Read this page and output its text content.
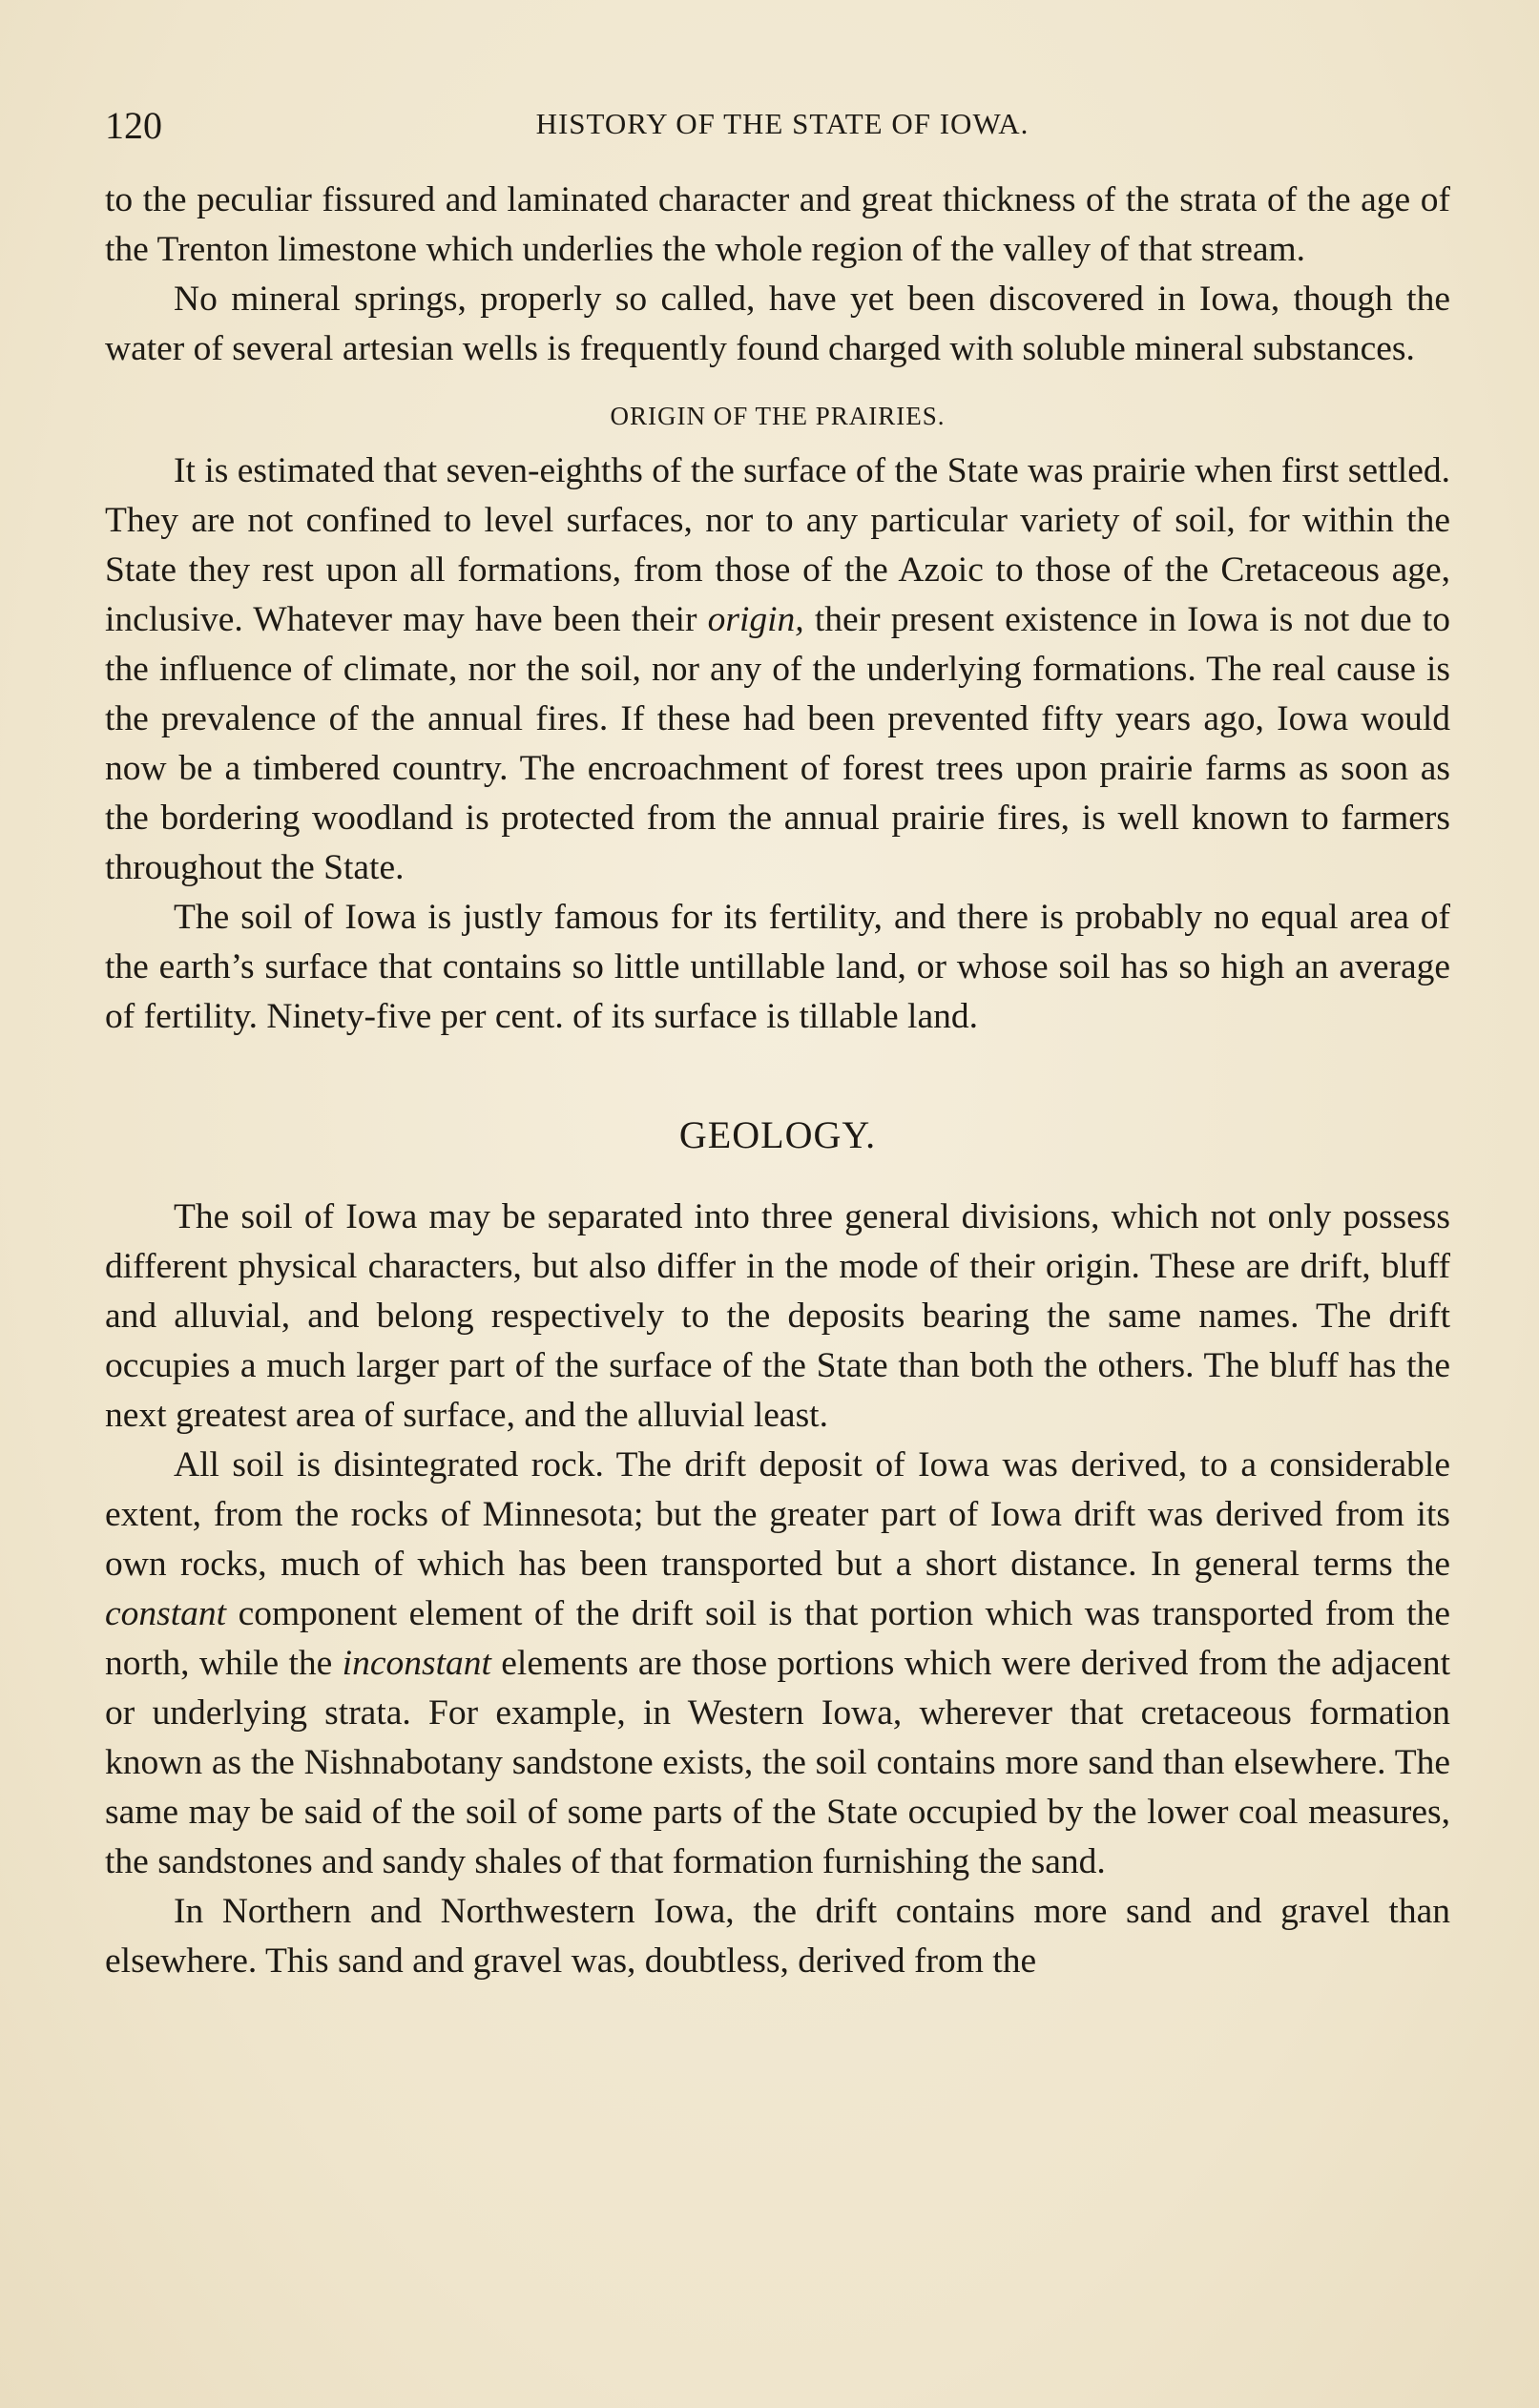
120	HISTORY OF THE STATE OF IOWA.

to the peculiar fissured and laminated character and great thickness of the strata of the age of the Trenton limestone which underlies the whole region of the valley of that stream.

No mineral springs, properly so called, have yet been discovered in Iowa, though the water of several artesian wells is frequently found charged with soluble mineral substances.

ORIGIN OF THE PRAIRIES.

It is estimated that seven-eighths of the surface of the State was prairie when first settled. They are not confined to level surfaces, nor to any particular variety of soil, for within the State they rest upon all formations, from those of the Azoic to those of the Cretaceous age, inclusive. Whatever may have been their origin, their present existence in Iowa is not due to the influence of climate, nor the soil, nor any of the underlying formations. The real cause is the prevalence of the annual fires. If these had been prevented fifty years ago, Iowa would now be a timbered country. The encroachment of forest trees upon prairie farms as soon as the bordering woodland is protected from the annual prairie fires, is well known to farmers throughout the State.

The soil of Iowa is justly famous for its fertility, and there is probably no equal area of the earth’s surface that contains so little untillable land, or whose soil has so high an average of fertility. Ninety-five per cent. of its surface is tillable land.

GEOLOGY.

The soil of Iowa may be separated into three general divisions, which not only possess different physical characters, but also differ in the mode of their origin. These are drift, bluff and alluvial, and belong respectively to the deposits bearing the same names. The drift occupies a much larger part of the surface of the State than both the others. The bluff has the next greatest area of surface, and the alluvial least.

All soil is disintegrated rock. The drift deposit of Iowa was derived, to a considerable extent, from the rocks of Minnesota; but the greater part of Iowa drift was derived from its own rocks, much of which has been transported but a short distance. In general terms the constant component element of the drift soil is that portion which was transported from the north, while the inconstant elements are those portions which were derived from the adjacent or underlying strata. For example, in Western Iowa, wherever that cretaceous formation known as the Nishnabotany sandstone exists, the soil contains more sand than elsewhere. The same may be said of the soil of some parts of the State occupied by the lower coal measures, the sandstones and sandy shales of that formation furnishing the sand.

In Northern and Northwestern Iowa, the drift contains more sand and gravel than elsewhere. This sand and gravel was, doubtless, derived from the
